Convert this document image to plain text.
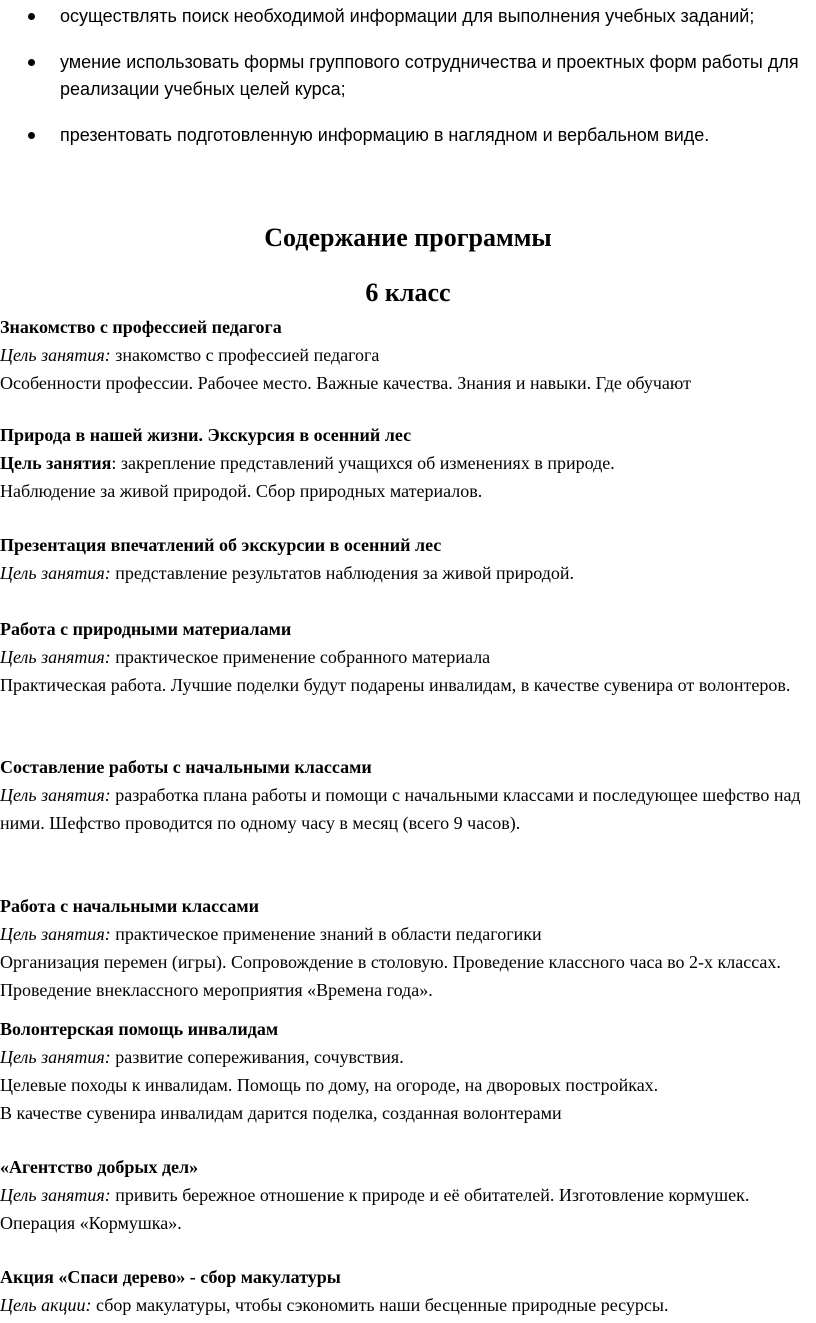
осуществлять поиск необходимой информации для выполнения учебных заданий;
умение использовать формы группового сотрудничества и проектных форм работы для реализации учебных целей курса;
презентовать подготовленную информацию в наглядном и вербальном виде.
Содержание программы
6 класс
Знакомство с профессией педагога
Цель занятия: знакомство с профессией педагога
Особенности профессии. Рабочее место. Важные качества. Знания и навыки. Где обучают
Природа в нашей жизни. Экскурсия в осенний лес
Цель занятия: закрепление представлений учащихся об изменениях в природе.
Наблюдение за живой природой. Сбор природных материалов.
Презентация впечатлений об экскурсии в осенний лес
Цель занятия: представление результатов наблюдения за живой природой.
Работа с природными материалами
Цель занятия: практическое применение собранного материала
Практическая работа. Лучшие поделки будут подарены инвалидам, в качестве сувенира от волонтеров.
Составление работы с начальными классами
Цель занятия: разработка плана работы и помощи с начальными классами и последующее шефство над ними. Шефство проводится по одному часу в месяц (всего 9 часов).
Работа с начальными классами
Цель занятия: практическое применение знаний в области педагогики
Организация перемен (игры). Сопровождение в столовую. Проведение классного часа во 2-х классах. Проведение внеклассного мероприятия «Времена года».
Волонтерская помощь инвалидам
Цель занятия: развитие сопереживания, сочувствия.
Целевые походы к инвалидам. Помощь по дому, на огороде, на дворовых постройках.
В качестве сувенира инвалидам дарится поделка, созданная волонтерами
«Агентство добрых дел»
Цель занятия: привить бережное отношение к природе и её обитателей. Изготовление кормушек. Операция «Кормушка».
Акция «Спаси дерево» - сбор макулатуры
Цель акции: сбор макулатуры, чтобы сэкономить наши бесценные природные ресурсы.
